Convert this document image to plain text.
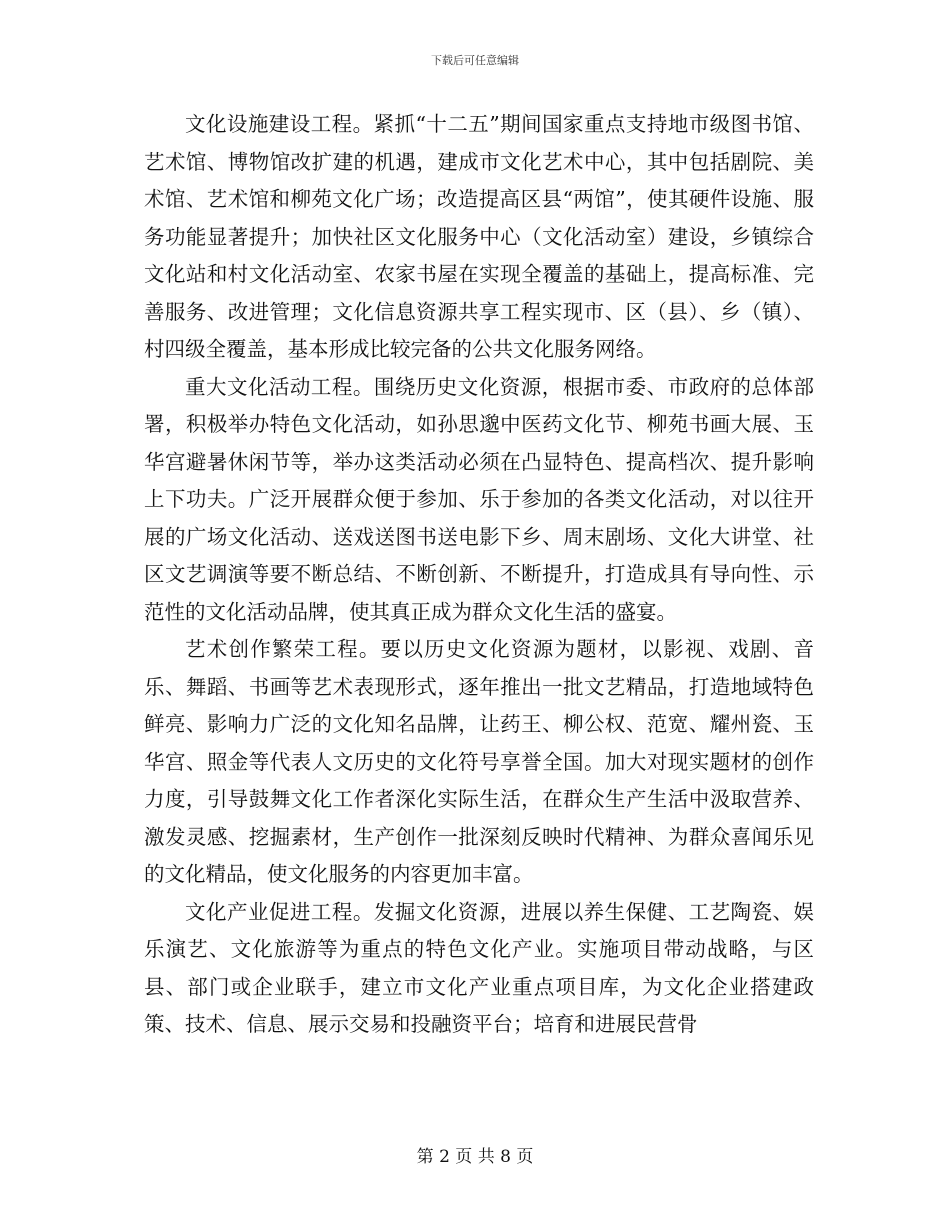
下载后可任意编辑

文化设施建设工程。紧抓“十二五”期间国家重点支持地市级图书馆、艺术馆、博物馆改扩建的机遇，建成市文化艺术中心，其中包括剧院、美术馆、艺术馆和柳苑文化广场；改造提高区县“两馆”，使其硬件设施、服务功能显著提升；加快社区文化服务中心（文化活动室）建设，乡镇综合文化站和村文化活动室、农家书屋在实现全覆盖的基础上，提高标准、完善服务、改进管理；文化信息资源共享工程实现市、区（县）、乡（镇）、村四级全覆盖，基本形成比较完备的公共文化服务网络。

重大文化活动工程。围绕历史文化资源，根据市委、市政府的总体部署，积极举办特色文化活动，如孙思邈中医药文化节、柳苑书画大展、玉华宫避暑休闲节等，举办这类活动必须在凸显特色、提高档次、提升影响上下功夫。广泛开展群众便于参加、乐于参加的各类文化活动，对以往开展的广场文化活动、送戏送图书送电影下乡、周末剧场、文化大讲堂、社区文艺调演等要不断总结、不断创新、不断提升，打造成具有导向性、示范性的文化活动品牌，使其真正成为群众文化生活的盛宴。

艺术创作繁荣工程。要以历史文化资源为题材，以影视、戏剧、音乐、舞蹈、书画等艺术表现形式，逐年推出一批文艺精品，打造地域特色鲜亮、影响力广泛的文化知名品牌，让药王、柳公权、范宽、耀州瓷、玉华宫、照金等代表人文历史的文化符号享誉全国。加大对现实题材的创作力度，引导鼓舞文化工作者深化实际生活，在群众生产生活中汲取营养、激发灵感、挖掘素材，生产创作一批深刻反映时代精神、为群众喜闻乐见的文化精品，使文化服务的内容更加丰富。

文化产业促进工程。发掘文化资源，进展以养生保健、工艺陶瓷、娱乐演艺、文化旅游等为重点的特色文化产业。实施项目带动战略，与区县、部门或企业联手，建立市文化产业重点项目库，为文化企业搭建政策、技术、信息、展示交易和投融资平台；培育和进展民营骨

第 2 页 共 8 页
